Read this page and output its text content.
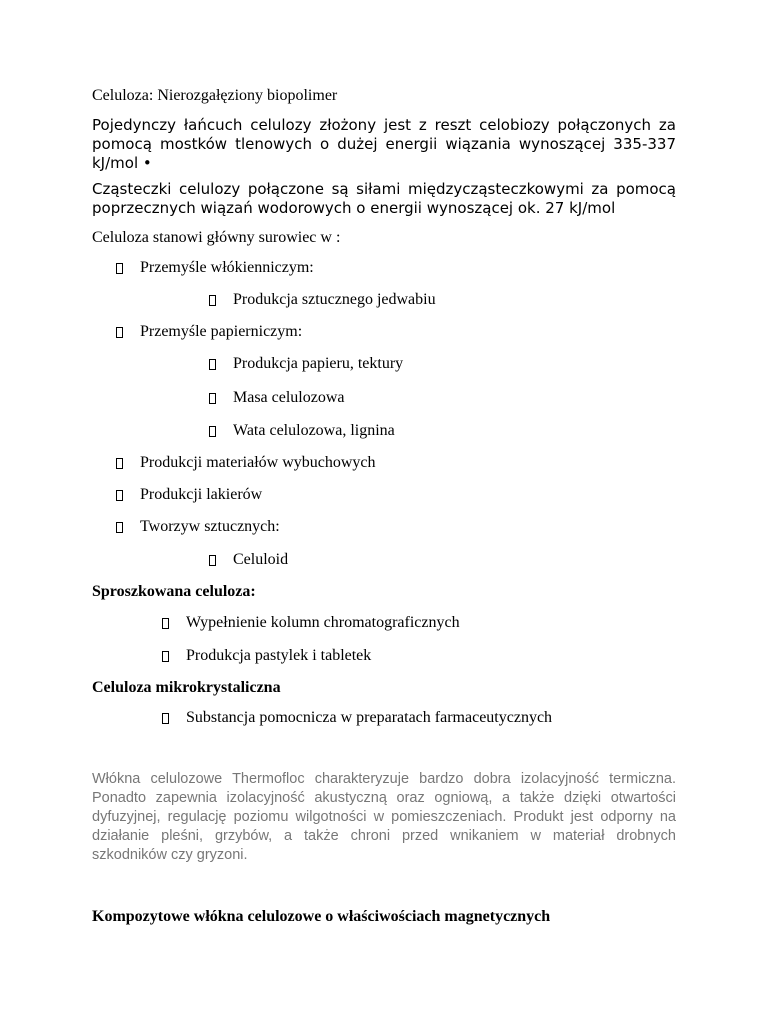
Celuloza: Nierozgałęziony biopolimer
Pojedynczy łańcuch celulozy złożony jest z reszt celobiozy połączonych za pomocą mostków tlenowych o dużej energii wiązania wynoszącej 335-337 kJ/mol •
Cząsteczki celulozy połączone są siłami międzycząsteczkowymi za pomocą poprzecznych wiązań wodorowych o energii wynoszącej ok. 27 kJ/mol
Celuloza stanowi główny surowiec w :
Przemyśle włókienniczym:
Produkcja sztucznego jedwabiu
Przemyśle papierniczym:
Produkcja papieru, tektury
Masa celulozowa
Wata celulozowa, lignina
Produkcji materiałów wybuchowych
Produkcji lakierów
Tworzyw sztucznych:
Celuloid
Sproszkowana celuloza:
Wypełnienie kolumn chromatograficznych
Produkcja pastylek i tabletek
Celuloza mikrokrystaliczna
Substancja pomocnicza w preparatach farmaceutycznych
Włókna celulozowe Thermofloc charakteryzuje bardzo dobra izolacyjność termiczna. Ponadto zapewnia izolacyjność akustyczną oraz ogniową, a także dzięki otwartości dyfuzyjnej, regulację poziomu wilgotności w pomieszczeniach. Produkt jest odporny na działanie pleśni, grzybów, a także chroni przed wnikaniem w materiał drobnych szkodników czy gryzoni.
Kompozytowe włókna celulozowe o właściwościach magnetycznych
